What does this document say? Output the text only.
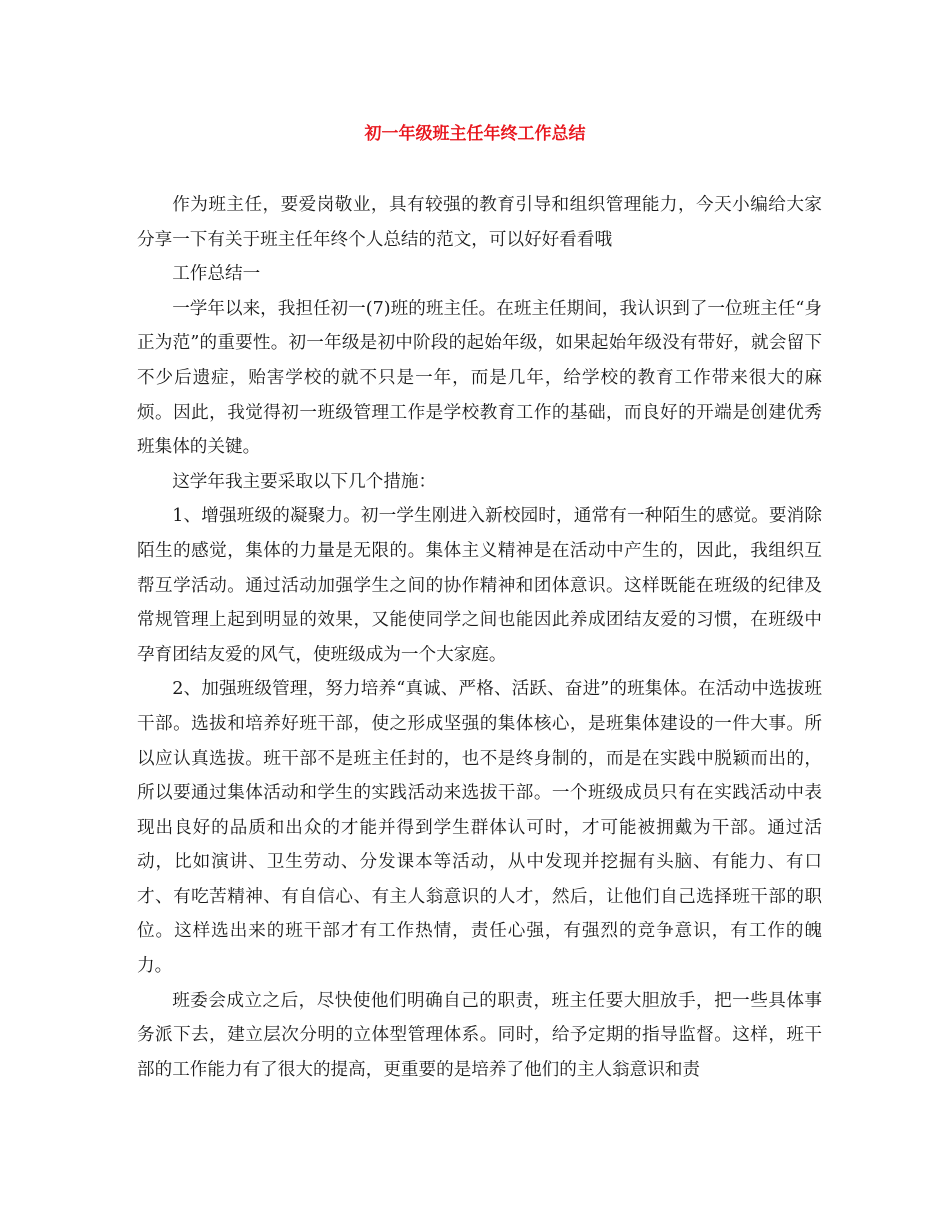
初一年级班主任年终工作总结

作为班主任，要爱岗敬业，具有较强的教育引导和组织管理能力，今天小编给大家分享一下有关于班主任年终个人总结的范文，可以好好看看哦

工作总结一

一学年以来，我担任初一(7)班的班主任。在班主任期间，我认识到了一位班主任“身正为范”的重要性。初一年级是初中阶段的起始年级，如果起始年级没有带好，就会留下不少后遗症，贻害学校的就不只是一年，而是几年，给学校的教育工作带来很大的麻烦。因此，我觉得初一班级管理工作是学校教育工作的基础，而良好的开端是创建优秀班集体的关键。

这学年我主要采取以下几个措施：

1、增强班级的凝聚力。初一学生刚进入新校园时，通常有一种陌生的感觉。要消除陌生的感觉，集体的力量是无限的。集体主义精神是在活动中产生的，因此，我组织互帮互学活动。通过活动加强学生之间的协作精神和团体意识。这样既能在班级的纪律及常规管理上起到明显的效果，又能使同学之间也能因此养成团结友爱的习惯，在班级中孕育团结友爱的风气，使班级成为一个大家庭。

2、加强班级管理，努力培养“真诚、严格、活跃、奋进”的班集体。在活动中选拔班干部。选拔和培养好班干部，使之形成坚强的集体核心，是班集体建设的一件大事。所以应认真选拔。班干部不是班主任封的，也不是终身制的，而是在实践中脱颖而出的，所以要通过集体活动和学生的实践活动来选拔干部。一个班级成员只有在实践活动中表现出良好的品质和出众的才能并得到学生群体认可时，才可能被拥戴为干部。通过活动，比如演讲、卫生劳动、分发课本等活动，从中发现并挖掘有头脑、有能力、有口才、有吃苦精神、有自信心、有主人翁意识的人才，然后，让他们自己选择班干部的职位。这样选出来的班干部才有工作热情，责任心强，有强烈的竞争意识，有工作的魄力。

班委会成立之后，尽快使他们明确自己的职责，班主任要大胆放手，把一些具体事务派下去，建立层次分明的立体型管理体系。同时，给予定期的指导监督。这样，班干部的工作能力有了很大的提高，更重要的是培养了他们的主人翁意识和责
